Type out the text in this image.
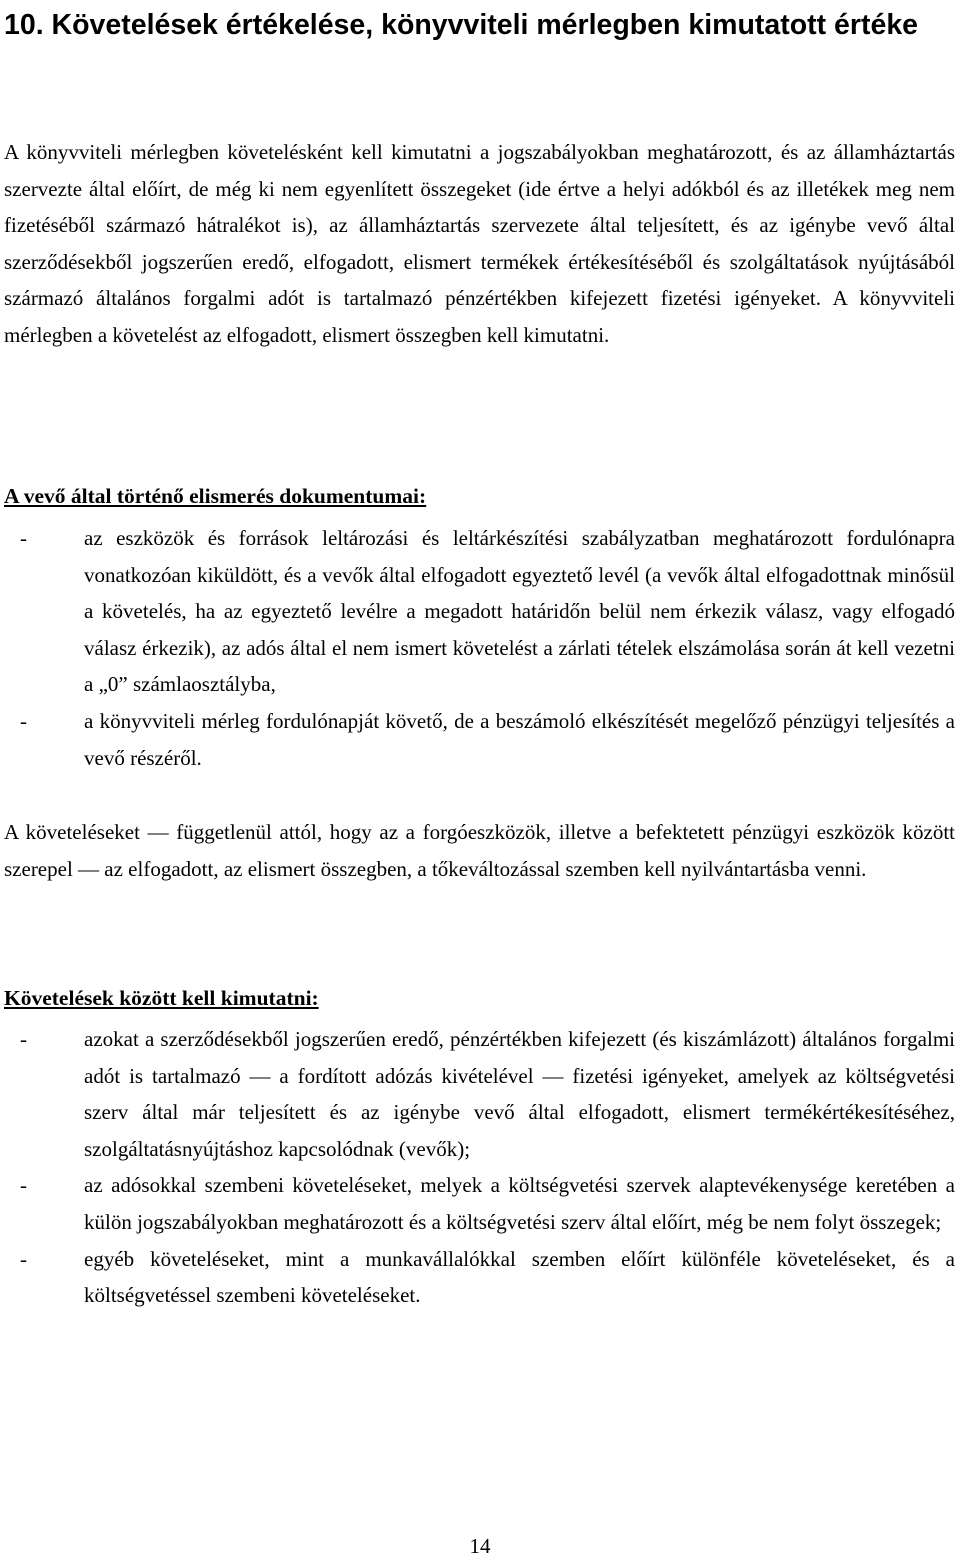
10. Követelések értékelése, könyvviteli mérlegben kimutatott értéke

A könyvviteli mérlegben követelésként kell kimutatni a jogszabályokban meghatározott, és az államháztartás szervezte által előírt, de még ki nem egyenlített összegeket (ide értve a helyi adókból és az illetékek meg nem fizetéséből származó hátralékot is), az államháztartás szervezete által teljesített, és az igénybe vevő által szerződésekből jogszerűen eredő, elfogadott, elismert termékek értékesítéséből és szolgáltatások nyújtásából származó általános forgalmi adót is tartalmazó pénzértékben kifejezett fizetési igényeket. A könyvviteli mérlegben a követelést az elfogadott, elismert összegben kell kimutatni.

A vevő által történő elismerés dokumentumai:
-	az eszközök és források leltározási és leltárkészítési szabályzatban meghatározott fordulónapra vonatkozóan kiküldött, és a vevők által elfogadott egyeztető levél (a vevők által elfogadottnak minősül a követelés, ha az egyeztető levélre a megadott határidőn belül nem érkezik válasz, vagy elfogadó válasz érkezik), az adós által el nem ismert követelést a zárlati tételek elszámolása során át kell vezetni a „0” számlaosztályba,
-	a könyvviteli mérleg fordulónapját követő, de a beszámoló elkészítését megelőző pénzügyi teljesítés a vevő részéről.

A követeléseket ― függetlenül attól, hogy az a forgóeszközök, illetve a befektetett pénzügyi eszközök között szerepel ― az elfogadott, az elismert összegben, a tőkeváltozással szemben kell nyilvántartásba venni.

Követelések között kell kimutatni:
-	azokat a szerződésekből jogszerűen eredő, pénzértékben kifejezett (és kiszámlázott) általános forgalmi adót is tartalmazó ― a fordított adózás kivételével ― fizetési igényeket, amelyek az költségvetési szerv által már teljesített és az igénybe vevő által elfogadott, elismert termékértékesítéséhez, szolgáltatásnyújtáshoz kapcsolódnak (vevők);
-	az adósokkal szembeni követeléseket, melyek a költségvetési szervek alaptevékenysége keretében a külön jogszabályokban meghatározott és a költségvetési szerv által előírt, még be nem folyt összegek;
-	egyéb követeléseket, mint a munkavállalókkal szemben előírt különféle követeléseket, és a költségvetéssel szembeni követeléseket.
14
